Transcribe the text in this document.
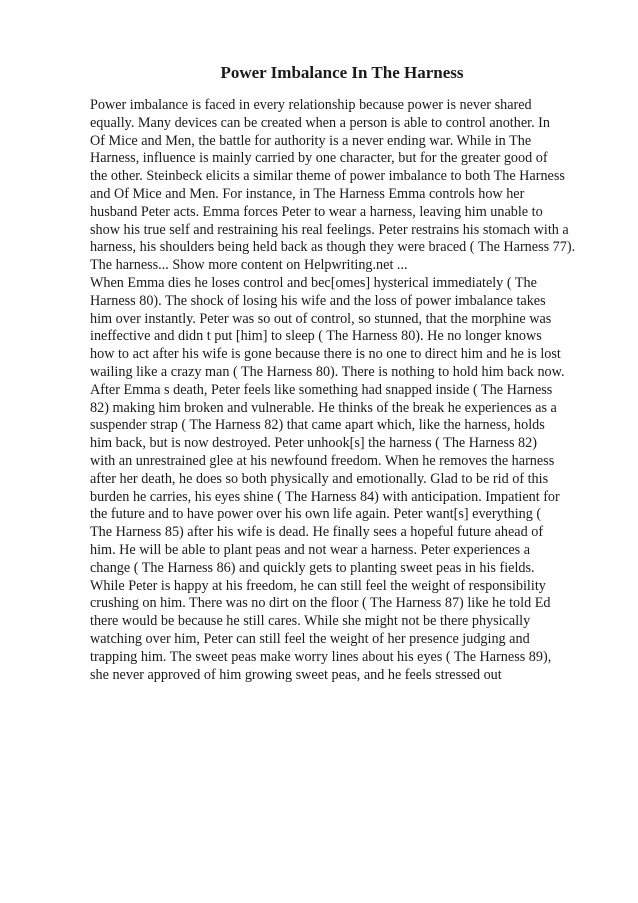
Power Imbalance In The Harness
Power imbalance is faced in every relationship because power is never shared
equally. Many devices can be created when a person is able to control another. In
Of Mice and Men, the battle for authority is a never ending war. While in The
Harness, influence is mainly carried by one character, but for the greater good of
the other. Steinbeck elicits a similar theme of power imbalance to both The Harness
and Of Mice and Men. For instance, in The Harness Emma controls how her
husband Peter acts. Emma forces Peter to wear a harness, leaving him unable to
show his true self and restraining his real feelings. Peter restrains his stomach with a
harness, his shoulders being held back as though they were braced ( The Harness 77).
The harness... Show more content on Helpwriting.net ...
When Emma dies he loses control and bec[omes] hysterical immediately ( The
Harness 80). The shock of losing his wife and the loss of power imbalance takes
him over instantly. Peter was so out of control, so stunned, that the morphine was
ineffective and didn t put [him] to sleep ( The Harness 80). He no longer knows
how to act after his wife is gone because there is no one to direct him and he is lost
wailing like a crazy man ( The Harness 80). There is nothing to hold him back now.
After Emma s death, Peter feels like something had snapped inside ( The Harness
82) making him broken and vulnerable. He thinks of the break he experiences as a
suspender strap ( The Harness 82) that came apart which, like the harness, holds
him back, but is now destroyed. Peter unhook[s] the harness ( The Harness 82)
with an unrestrained glee at his newfound freedom. When he removes the harness
after her death, he does so both physically and emotionally. Glad to be rid of this
burden he carries, his eyes shine ( The Harness 84) with anticipation. Impatient for
the future and to have power over his own life again. Peter want[s] everything (
The Harness 85) after his wife is dead. He finally sees a hopeful future ahead of
him. He will be able to plant peas and not wear a harness. Peter experiences a
change ( The Harness 86) and quickly gets to planting sweet peas in his fields.
While Peter is happy at his freedom, he can still feel the weight of responsibility
crushing on him. There was no dirt on the floor ( The Harness 87) like he told Ed
there would be because he still cares. While she might not be there physically
watching over him, Peter can still feel the weight of her presence judging and
trapping him. The sweet peas make worry lines about his eyes ( The Harness 89),
she never approved of him growing sweet peas, and he feels stressed out
